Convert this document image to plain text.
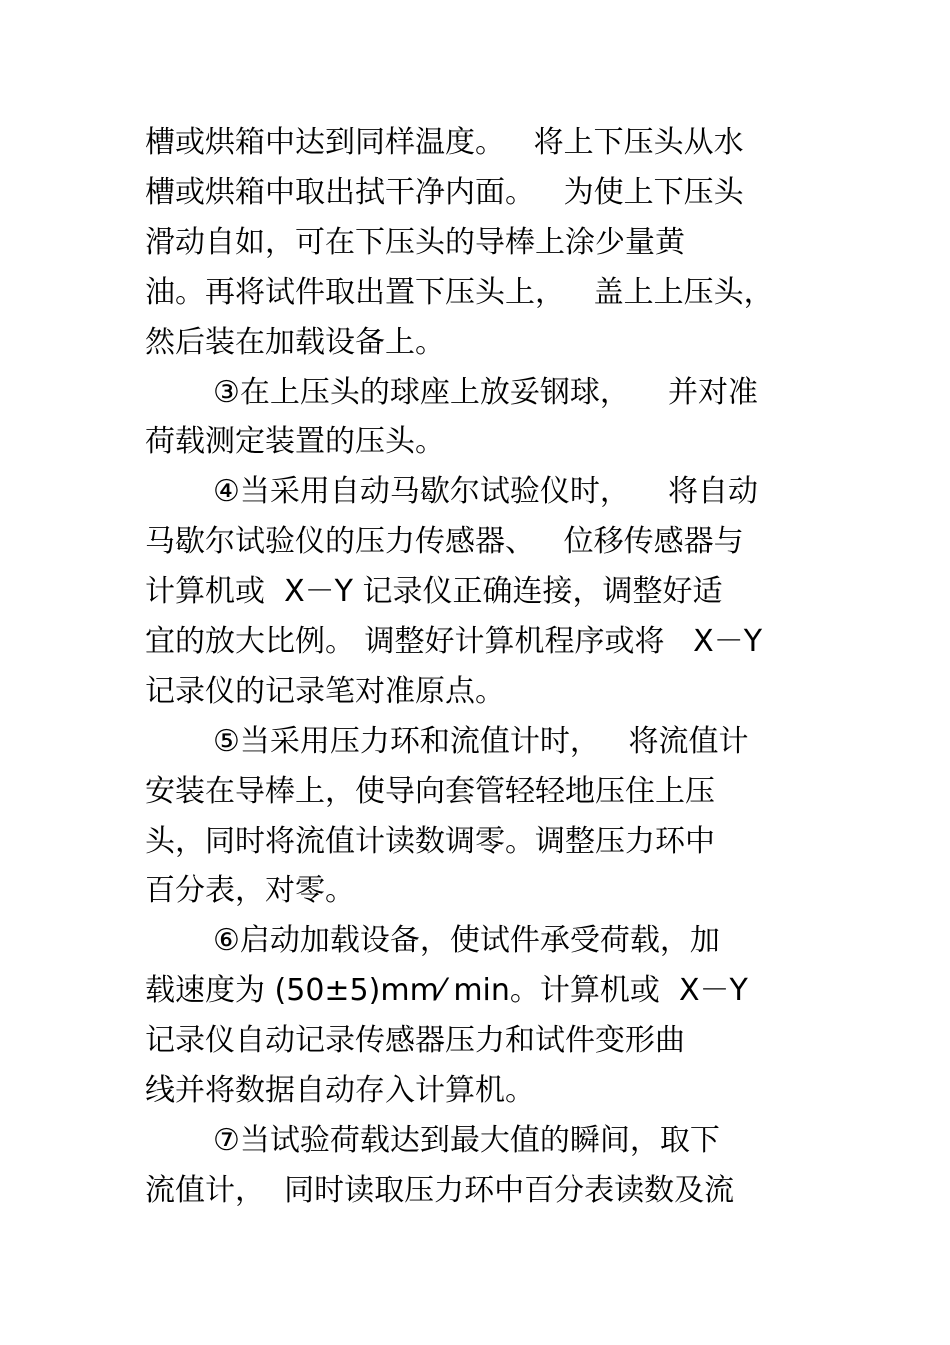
槽或烘箱中达到同样温度。   将上下压头从水
槽或烘箱中取出拭干净内面。   为使上下压头
滑动自如，可在下压头的导棒上涂少量黄
油。再将试件取出置下压头上，   盖上上压头，
然后装在加载设备上。
③在上压头的球座上放妥钢球，    并对准
荷载测定装置的压头。
④当采用自动马歇尔试验仪时，    将自动
马歇尔试验仪的压力传感器、   位移传感器与
计算机或  X－Y 记录仪正确连接，调整好适
宜的放大比例。 调整好计算机程序或将   X－Y
记录仪的记录笔对准原点。
⑤当采用压力环和流值计时，   将流值计
安装在导棒上，使导向套管轻轻地压住上压
头，同时将流值计读数调零。调整压力环中
百分表，对零。
⑥启动加载设备，使试件承受荷载，加
载速度为 (50±5)mm⁄ min。计算机或  X－Y
记录仪自动记录传感器压力和试件变形曲
线并将数据自动存入计算机。
⑦当试验荷载达到最大值的瞬间，取下
流值计，  同时读取压力环中百分表读数及流
